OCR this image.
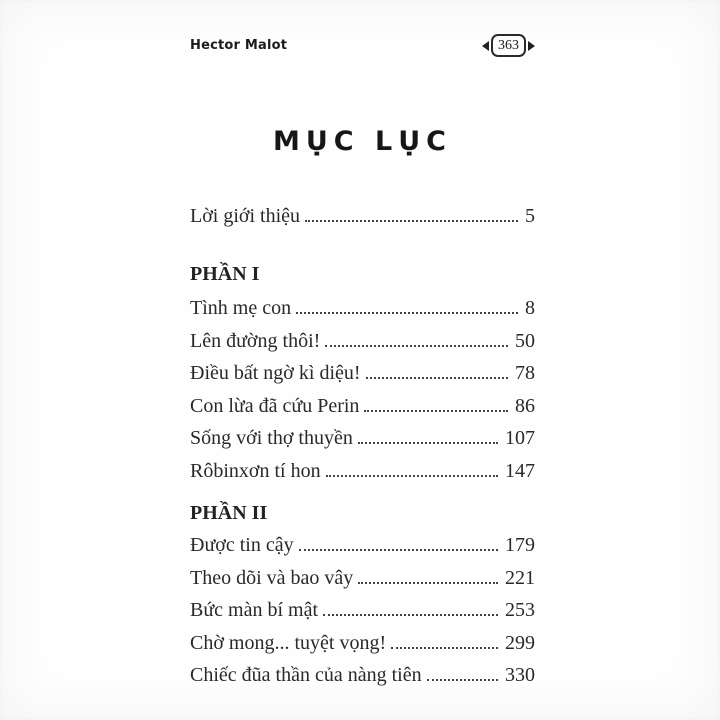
Hector Malot	363
MỤC LỤC
Lời giới thiệu	5
PHẦN I
Tình mẹ con	8
Lên đường thôi!	50
Điều bất ngờ kì diệu!	78
Con lừa đã cứu Perin	86
Sống với thợ thuyền	107
Rôbinxơn tí hon	147
PHẦN II
Được tin cậy	179
Theo dõi và bao vây	221
Bức màn bí mật	253
Chờ mong... tuyệt vọng!	299
Chiếc đũa thần của nàng tiên	330
